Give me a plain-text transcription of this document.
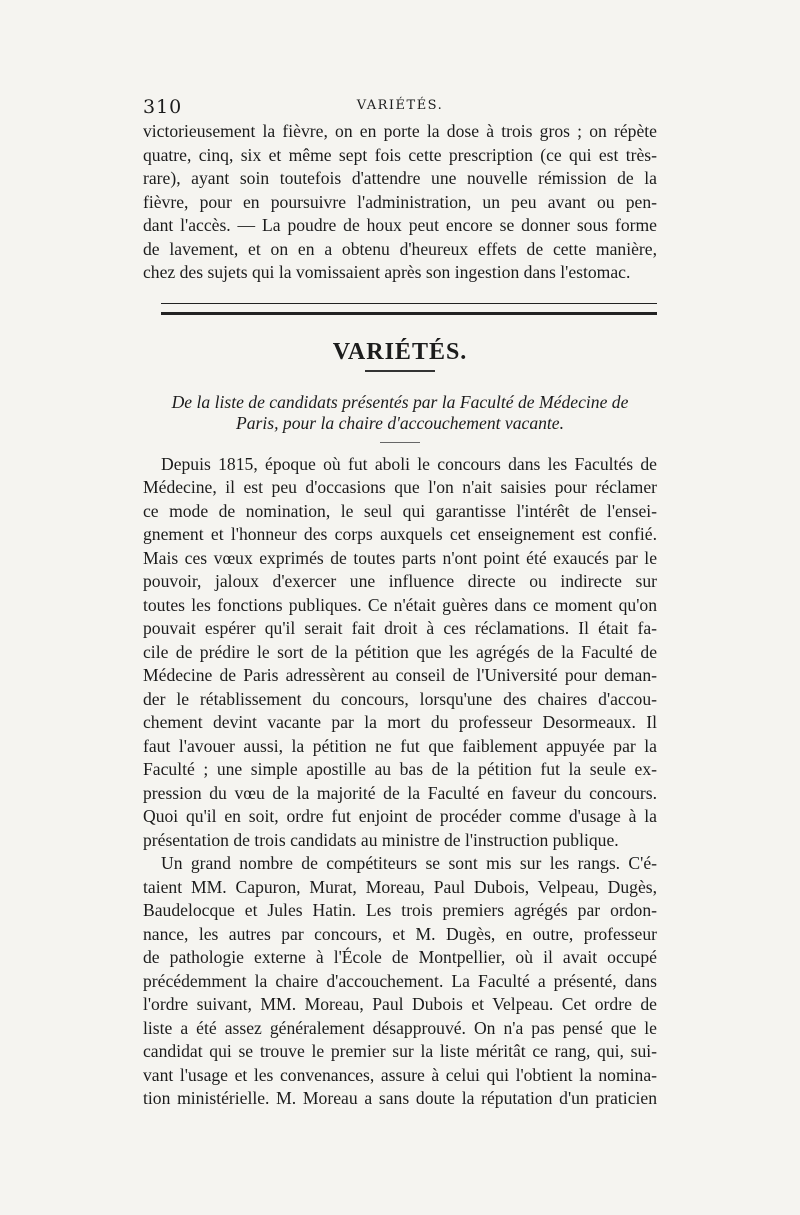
310	VARIÉTÉS.

victorieusement la fièvre, on en porte la dose à trois gros ; on répète
quatre, cinq, six et même sept fois cette prescription (ce qui est très-
rare), ayant soin toutefois d'attendre une nouvelle rémission de la
fièvre, pour en poursuivre l'administration, un peu avant ou pen-
dant l'accès. — La poudre de houx peut encore se donner sous forme
de lavement, et on en a obtenu d'heureux effets de cette manière,
chez des sujets qui la vomissaient après son ingestion dans l'estomac.

VARIÉTÉS.
De la liste de candidats présentés par la Faculté de Médecine de
Paris, pour la chaire d'accouchement vacante.

Depuis 1815, époque où fut aboli le concours dans les Facultés de
Médecine, il est peu d'occasions que l'on n'ait saisies pour réclamer
ce mode de nomination, le seul qui garantisse l'intérêt de l'ensei-
gnement et l'honneur des corps auxquels cet enseignement est confié.
Mais ces vœux exprimés de toutes parts n'ont point été exaucés par le
pouvoir, jaloux d'exercer une influence directe ou indirecte sur
toutes les fonctions publiques. Ce n'était guères dans ce moment qu'on
pouvait espérer qu'il serait fait droit à ces réclamations. Il était fa-
cile de prédire le sort de la pétition que les agrégés de la Faculté de
Médecine de Paris adressèrent au conseil de l'Université pour deman-
der le rétablissement du concours, lorsqu'une des chaires d'accou-
chement devint vacante par la mort du professeur Desormeaux. Il
faut l'avouer aussi, la pétition ne fut que faiblement appuyée par la
Faculté ; une simple apostille au bas de la pétition fut la seule ex-
pression du vœu de la majorité de la Faculté en faveur du concours.
Quoi qu'il en soit, ordre fut enjoint de procéder comme d'usage à la
présentation de trois candidats au ministre de l'instruction publique.

Un grand nombre de compétiteurs se sont mis sur les rangs. C'é-
taient MM. Capuron, Murat, Moreau, Paul Dubois, Velpeau, Dugès,
Baudelocque et Jules Hatin. Les trois premiers agrégés par ordon-
nance, les autres par concours, et M. Dugès, en outre, professeur
de pathologie externe à l'École de Montpellier, où il avait occupé
précédemment la chaire d'accouchement. La Faculté a présenté, dans
l'ordre suivant, MM. Moreau, Paul Dubois et Velpeau. Cet ordre de
liste a été assez généralement désapprouvé. On n'a pas pensé que le
candidat qui se trouve le premier sur la liste méritât ce rang, qui, sui-
vant l'usage et les convenances, assure à celui qui l'obtient la nomina-
tion ministérielle. M. Moreau a sans doute la réputation d'un praticien
